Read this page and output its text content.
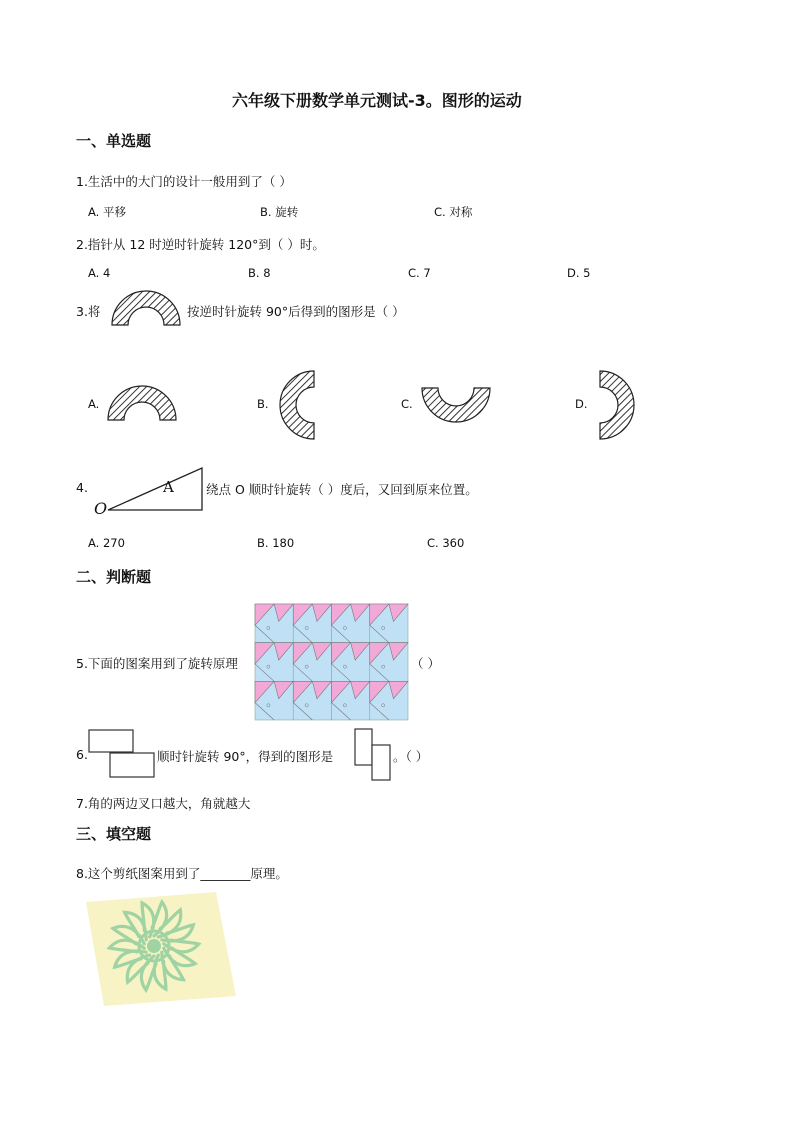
六年级下册数学单元测试-3。图形的运动
一、单选题
1.生活中的大门的设计一般用到了（ ）
A. 平移	B. 旋转	C. 对称
2.指针从 12 时逆时针旋转 120°到（ ）时。
A. 4	B. 8	C. 7	D. 5
3.将	按逆时针旋转 90°后得到的图形是（ ）
A.	B.	C.	D.
4.
O
A	绕点 O 顺时针旋转（ ）度后，又回到原来位置。
A. 270	B. 180	C. 360
二、判断题
5.下面的图案用到了旋转原理	（ ）
6.	顺时针旋转 90°，得到的图形是	。（ ）
7.角的两边叉口越大，角就越大
三、填空题
8.这个剪纸图案用到了________原理。
